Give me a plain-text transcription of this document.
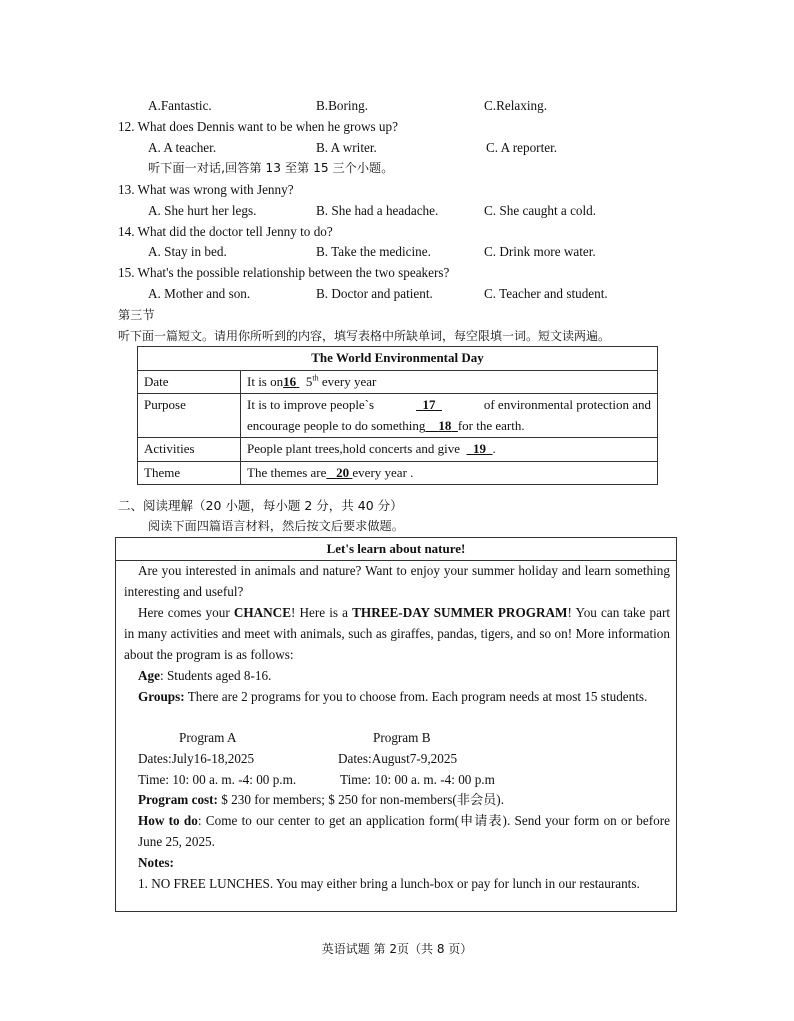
A.Fantastic.	B.Boring.	C.Relaxing.
12. What does Dennis want to be when he grows up?
A. A teacher.	B. A writer.	C. A reporter.
听下面一对话,回答第 13 至第 15 三个小题。
13. What was wrong with Jenny?
A. She hurt her legs.	B. She had a headache.	C. She caught a cold.
14. What did the doctor tell Jenny to do?
A. Stay in bed.	B. Take the medicine.	C. Drink more water.
15. What's the possible relationship between the two speakers?
A. Mother and son.	B. Doctor and patient.	C. Teacher and student.
第三节
听下面一篇短文。请用你所听到的内容，填写表格中所缺单词，每空限填一词。短文读两遍。
The World Environmental Day	
Date	It is on16 5th every year
Purpose	It is to improve people`s 17 of environmental protection and
encourage people to do something 18 for the earth.

Activities	People plant trees,hold concerts and give 19 .
Theme	The themes are 20 every year .
二、阅读理解（20 小题，每小题 2 分，共 40 分）
阅读下面四篇语言材料，然后按文后要求做题。
Let's learn about nature!

Are you interested in animals and nature? Want to enjoy your summer holiday and learn something interesting and useful?

Here comes your CHANCE! Here is a THREE-DAY SUMMER PROGRAM! You can take part in many activities and meet with animals, such as giraffes, pandas, tigers, and so on! More information about the program is as follows:

Age: Students aged 8-16.

Groups: There are 2 programs for you to choose from. Each program needs at most 15 students.

Program A	Program B
Dates:July16-18,2025	Dates:August7-9,2025
Time: 10: 00 a. m. -4: 00 p.m.	Time: 10: 00 a. m. -4: 00 p.m

Program cost: $ 230 for members; $ 250 for non-members(非会员).

How to do: Come to our center to get an application form(申请表). Send your form on or before June 25, 2025.

Notes:

1. NO FREE LUNCHES. You may either bring a lunch-box or pay for lunch in our restaurants.

英语试题 第 2页（共 8 页）
